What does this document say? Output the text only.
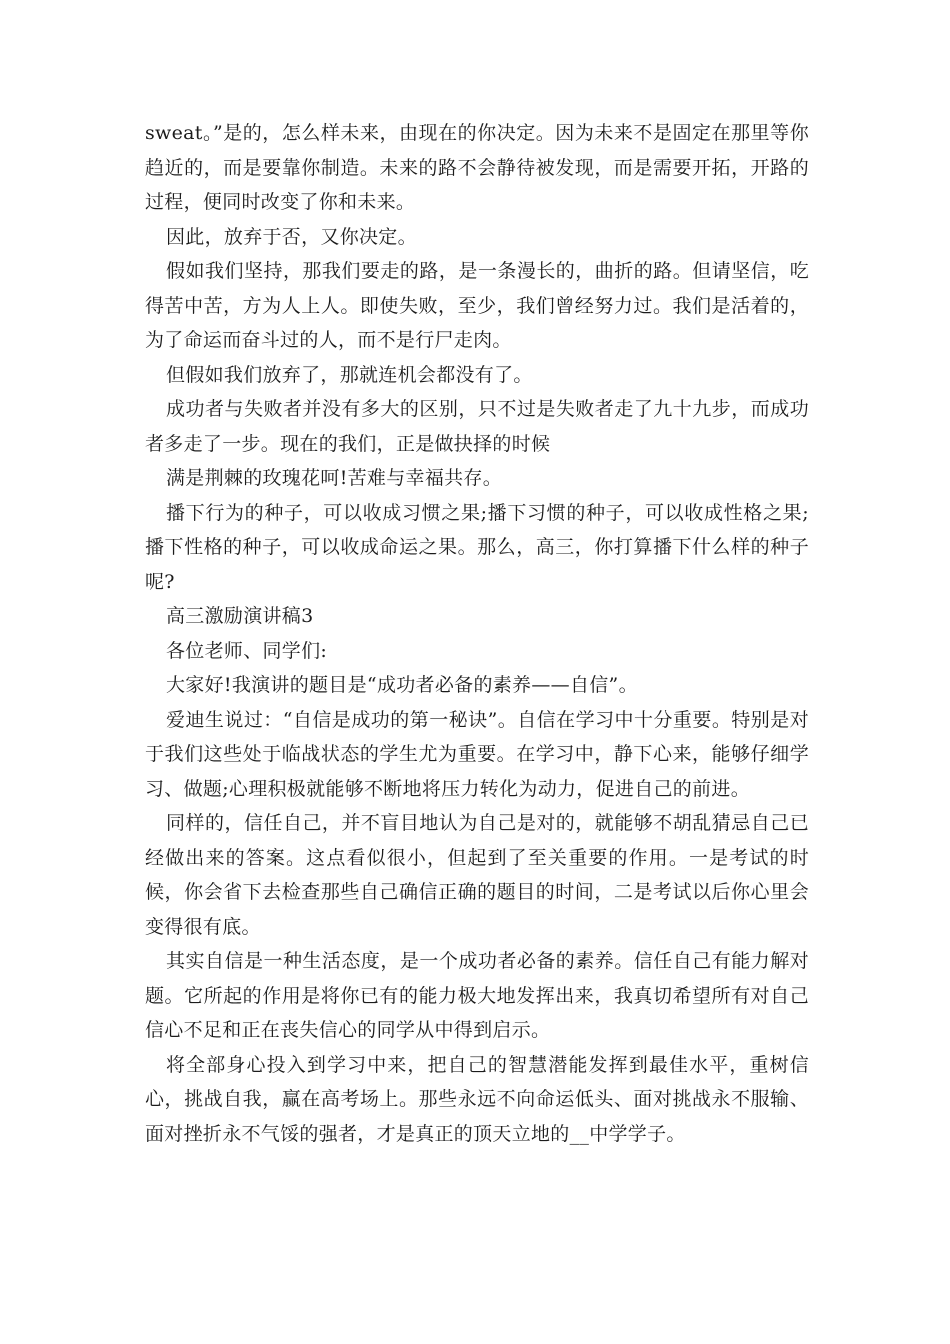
sweat。”是的，怎么样未来，由现在的你决定。因为未来不是固定在那里等你趋近的，而是要靠你制造。未来的路不会静待被发现，而是需要开拓，开路的过程，便同时改变了你和未来。

因此，放弃于否，又你决定。

假如我们坚持，那我们要走的路，是一条漫长的，曲折的路。但请坚信，吃得苦中苦，方为人上人。即使失败，至少，我们曾经努力过。我们是活着的，为了命运而奋斗过的人，而不是行尸走肉。

但假如我们放弃了，那就连机会都没有了。

成功者与失败者并没有多大的区别，只不过是失败者走了九十九步，而成功者多走了一步。现在的我们，正是做抉择的时候

满是荆棘的玫瑰花呵!苦难与幸福共存。

播下行为的种子，可以收成习惯之果;播下习惯的种子，可以收成性格之果;播下性格的种子，可以收成命运之果。那么，高三，你打算播下什么样的种子呢?

高三激励演讲稿3

各位老师、同学们:

大家好!我演讲的题目是“成功者必备的素养——自信”。

爱迪生说过：“自信是成功的第一秘诀”。自信在学习中十分重要。特别是对于我们这些处于临战状态的学生尤为重要。在学习中，静下心来，能够仔细学习、做题;心理积极就能够不断地将压力转化为动力，促进自己的前进。

同样的，信任自己，并不盲目地认为自己是对的，就能够不胡乱猜忌自己已经做出来的答案。这点看似很小，但起到了至关重要的作用。一是考试的时候，你会省下去检查那些自己确信正确的题目的时间，二是考试以后你心里会变得很有底。

其实自信是一种生活态度，是一个成功者必备的素养。信任自己有能力解对题。它所起的作用是将你已有的能力极大地发挥出来，我真切希望所有对自己信心不足和正在丧失信心的同学从中得到启示。

将全部身心投入到学习中来，把自己的智慧潜能发挥到最佳水平，重树信心，挑战自我，赢在高考场上。那些永远不向命运低头、面对挑战永不服输、面对挫折永不气馁的强者，才是真正的顶天立地的__中学学子。
